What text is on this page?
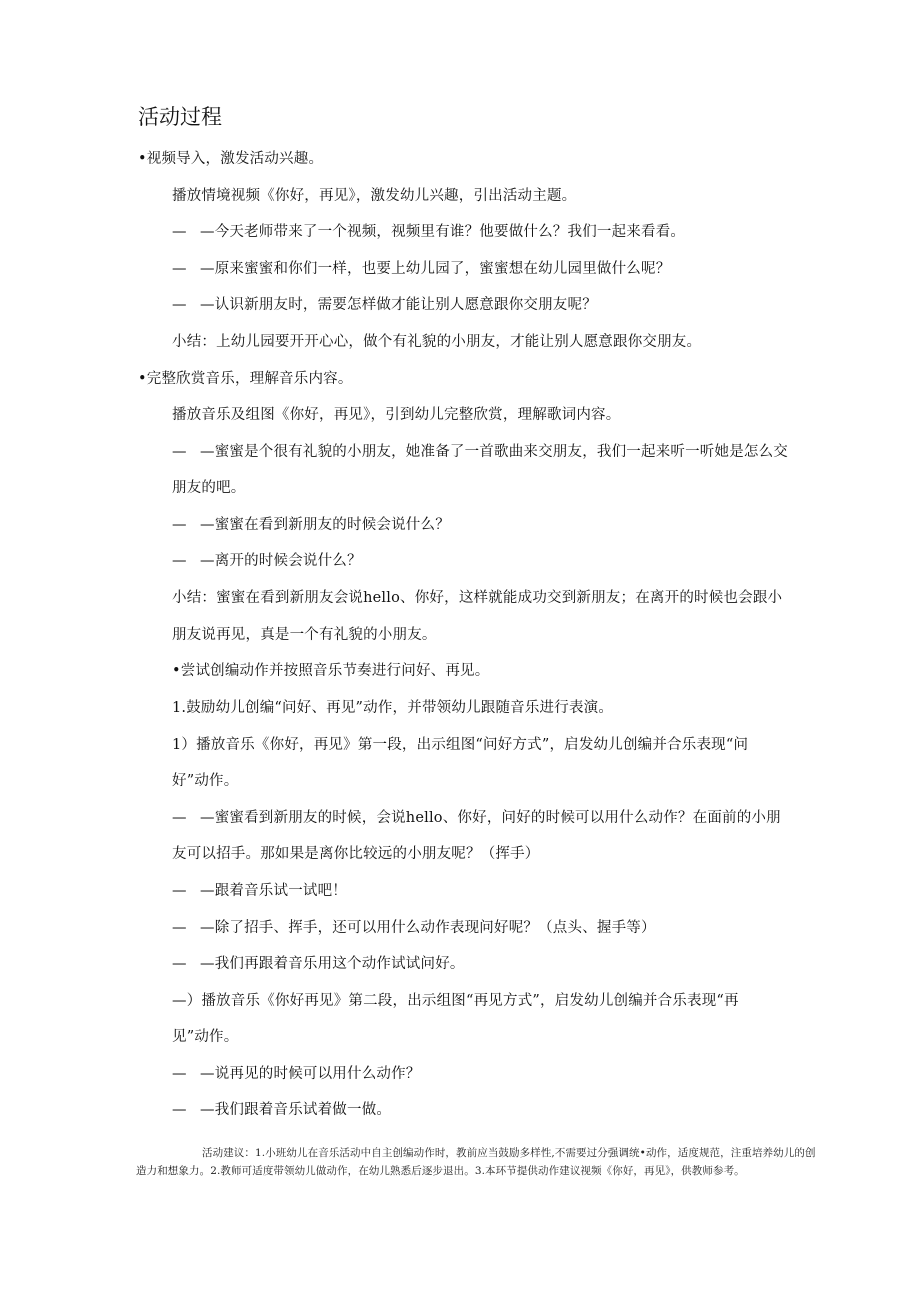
活动过程
•视频导入，激发活动兴趣。
播放情境视频《你好，再见》，激发幼儿兴趣，引出活动主题。
— —今天老师带来了一个视频，视频里有谁？他要做什么？我们一起来看看。
— —原来蜜蜜和你们一样，也要上幼儿园了，蜜蜜想在幼儿园里做什么呢？
— —认识新朋友时，需要怎样做才能让别人愿意跟你交朋友呢？
小结：上幼儿园要开开心心，做个有礼貌的小朋友，才能让别人愿意跟你交朋友。
•完整欣赏音乐，理解音乐内容。
播放音乐及组图《你好，再见》，引到幼儿完整欣赏，理解歌词内容。
— —蜜蜜是个很有礼貌的小朋友，她准备了一首歌曲来交朋友，我们一起来听一听她是怎么交
朋友的吧。
— —蜜蜜在看到新朋友的时候会说什么？
— —离开的时候会说什么？
小结：蜜蜜在看到新朋友会说hello、你好，这样就能成功交到新朋友；在离开的时候也会跟小
朋友说再见，真是一个有礼貌的小朋友。
•尝试创编动作并按照音乐节奏进行问好、再见。
1.鼓励幼儿创编“问好、再见”动作，并带领幼儿跟随音乐进行表演。
1）播放音乐《你好，再见》第一段，出示组图“问好方式”，启发幼儿创编并合乐表现“问
好”动作。
— —蜜蜜看到新朋友的时候，会说hello、你好，问好的时候可以用什么动作？在面前的小朋
友可以招手。那如果是离你比较远的小朋友呢？（挥手）
— —跟着音乐试一试吧！
— —除了招手、挥手，还可以用什么动作表现问好呢？（点头、握手等）
— —我们再跟着音乐用这个动作试试问好。
—）播放音乐《你好再见》第二段，出示组图“再见方式”，启发幼儿创编并合乐表现“再
见”动作。
— —说再见的时候可以用什么动作？
— —我们跟着音乐试着做一做。
活动建议：1.小班幼儿在音乐活动中自主创编动作时，教前应当鼓励多样性,不需要过分强调统•动作，适度规范，注重培养幼儿的创造力和想象力。2.教师可适度带领幼儿做动作，在幼儿熟悉后逐步退出。3.本环节提供动作建议视频《你好，再见》，供教师参考。
